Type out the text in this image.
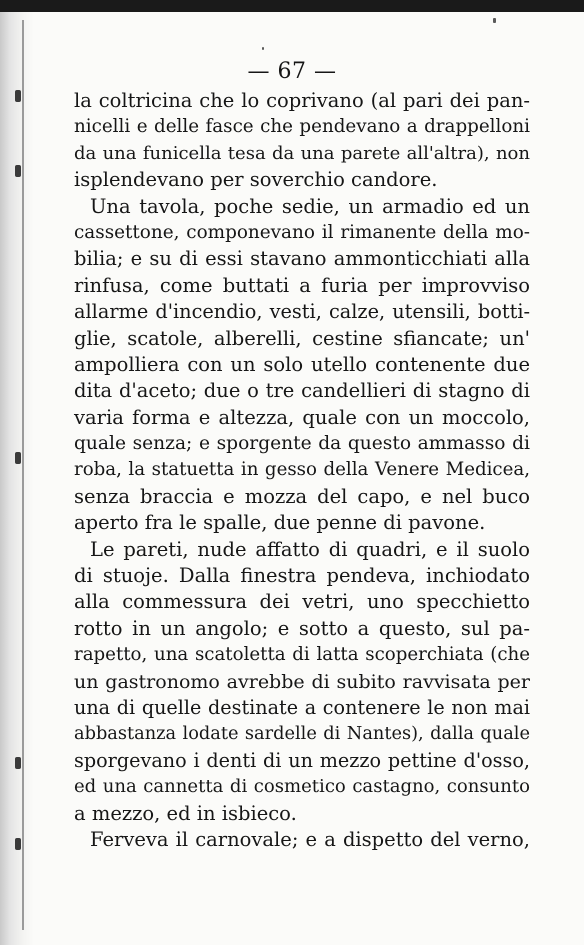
— 67 —
la coltricina che lo coprivano (al pari dei pan-
nicelli e delle fasce che pendevano a drappelloni
da una funicella tesa da una parete all'altra), non
isplendevano per soverchio candore.
Una tavola, poche sedie, un armadio ed un
cassettone, componevano il rimanente della mo-
bilia; e su di essi stavano ammonticchiati alla
rinfusa, come buttati a furia per improvviso
allarme d'incendio, vesti, calze, utensili, botti-
glie, scatole, alberelli, cestine sfiancate; un'
ampolliera con un solo utello contenente due
dita d'aceto; due o tre candellieri di stagno di
varia forma e altezza, quale con un moccolo,
quale senza; e sporgente da questo ammasso di
roba, la statuetta in gesso della Venere Medicea,
senza braccia e mozza del capo, e nel buco
aperto fra le spalle, due penne di pavone.
Le pareti, nude affatto di quadri, e il suolo
di stuoje. Dalla finestra pendeva, inchiodato
alla commessura dei vetri, uno specchietto
rotto in un angolo; e sotto a questo, sul pa-
rapetto, una scatoletta di latta scoperchiata (che
un gastronomo avrebbe di subito ravvisata per
una di quelle destinate a contenere le non mai
abbastanza lodate sardelle di Nantes), dalla quale
sporgevano i denti di un mezzo pettine d'osso,
ed una cannetta di cosmetico castagno, consunto
a mezzo, ed in isbieco.
Ferveva il carnovale; e a dispetto del verno,
